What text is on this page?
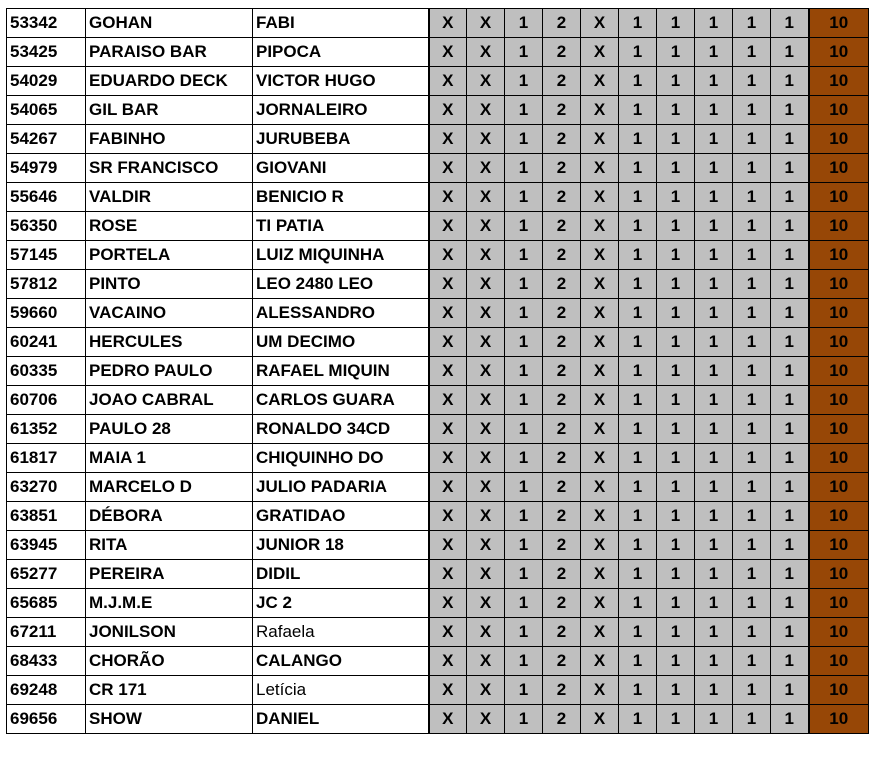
53342	GOHAN	FABI	X	X	1	2	X	1	1	1	1	1	10
53425	PARAISO BAR	PIPOCA	X	X	1	2	X	1	1	1	1	1	10
54029	EDUARDO DECK	VICTOR HUGO	X	X	1	2	X	1	1	1	1	1	10
54065	GIL BAR	JORNALEIRO	X	X	1	2	X	1	1	1	1	1	10
54267	FABINHO	JURUBEBA	X	X	1	2	X	1	1	1	1	1	10
54979	SR FRANCISCO	GIOVANI	X	X	1	2	X	1	1	1	1	1	10
55646	VALDIR	BENICIO R	X	X	1	2	X	1	1	1	1	1	10
56350	ROSE	TI PATIA	X	X	1	2	X	1	1	1	1	1	10
57145	PORTELA	LUIZ MIQUINHA	X	X	1	2	X	1	1	1	1	1	10
57812	PINTO	LEO 2480 LEO	X	X	1	2	X	1	1	1	1	1	10
59660	VACAINO	ALESSANDRO	X	X	1	2	X	1	1	1	1	1	10
60241	HERCULES	UM DECIMO	X	X	1	2	X	1	1	1	1	1	10
60335	PEDRO PAULO	RAFAEL MIQUIN	X	X	1	2	X	1	1	1	1	1	10
60706	JOAO CABRAL	CARLOS GUARA	X	X	1	2	X	1	1	1	1	1	10
61352	PAULO 28	RONALDO 34CD	X	X	1	2	X	1	1	1	1	1	10
61817	MAIA 1	CHIQUINHO DO	X	X	1	2	X	1	1	1	1	1	10
63270	MARCELO D	JULIO PADARIA	X	X	1	2	X	1	1	1	1	1	10
63851	DÉBORA	GRATIDAO	X	X	1	2	X	1	1	1	1	1	10
63945	RITA	JUNIOR 18	X	X	1	2	X	1	1	1	1	1	10
65277	PEREIRA	DIDIL	X	X	1	2	X	1	1	1	1	1	10
65685	M.J.M.E	JC 2	X	X	1	2	X	1	1	1	1	1	10
67211	JONILSON	Rafaela	X	X	1	2	X	1	1	1	1	1	10
68433	CHORÃO	CALANGO	X	X	1	2	X	1	1	1	1	1	10
69248	CR 171	Letícia	X	X	1	2	X	1	1	1	1	1	10
69656	SHOW	DANIEL	X	X	1	2	X	1	1	1	1	1	10
